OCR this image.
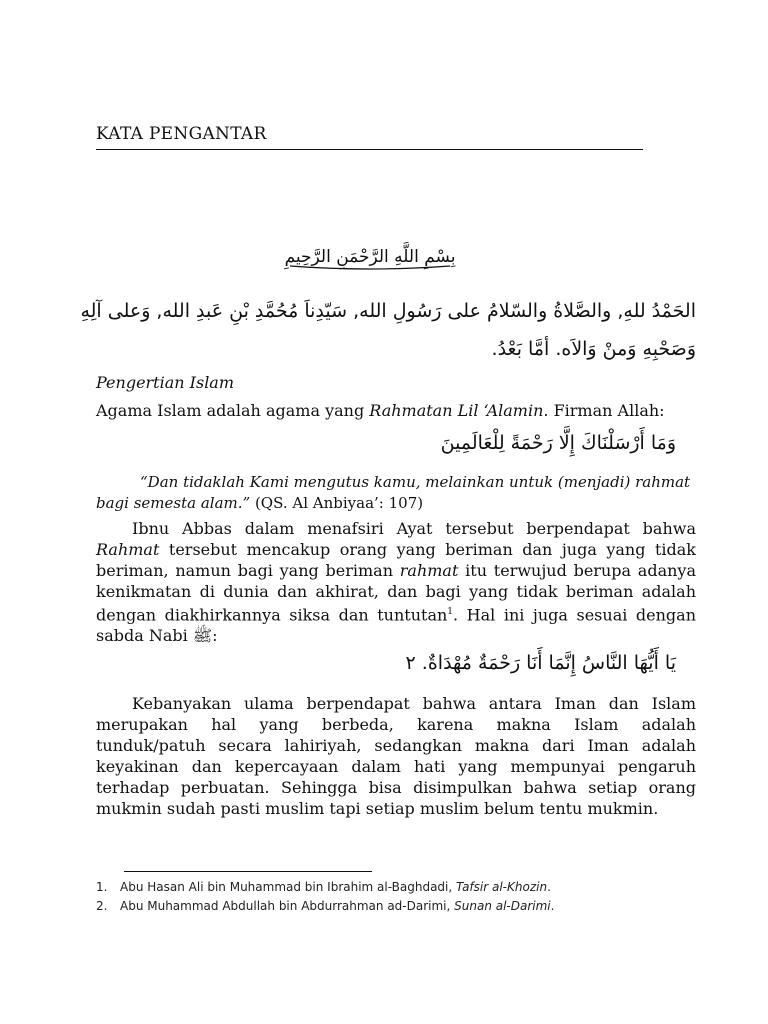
KATA PENGANTAR
بِسْمِ اللَّهِ الرَّحْمَنِ الرَّحِيمِ
الحَمْدُ للهِ, والصَّلاةُ والسّلامُ على رَسُولِ الله, سَيّدِناَ مُحُمَّدِ بْنِ عَبدِ الله, وَعلى آلِهِ
وَصَحْبِهِ وَمنْ وَالاَه. أمَّا بَعْدُ.
Pengertian Islam
Agama Islam adalah agama yang Rahmatan Lil ‘Alamin. Firman Allah:
وَمَا أَرْسَلْنَاكَ إِلَّا رَحْمَةً لِلْعَالَمِينَ
“Dan tidaklah Kami mengutus kamu, melainkan untuk (menjadi) rahmat
bagi semesta alam.” (QS. Al Anbiyaa’: 107)
Ibnu Abbas dalam menafsiri Ayat tersebut berpendapat bahwa
Rahmat tersebut mencakup orang yang beriman dan juga yang tidak
beriman, namun bagi yang beriman rahmat itu terwujud berupa adanya
kenikmatan di dunia dan akhirat, dan bagi yang tidak beriman adalah
dengan diakhirkannya siksa dan tuntutan$^1$. Hal ini juga sesuai dengan
sabda Nabi ﷺ:
يَا أَيُّهَا النَّاسُ إِنَّمَا أَنَا رَحْمَةٌ مُهْدَاةٌ. ٢
Kebanyakan ulama berpendapat bahwa antara Iman dan Islam
merupakan hal yang berbeda, karena makna Islam adalah
tunduk/patuh secara lahiriyah, sedangkan makna dari Iman adalah
keyakinan dan kepercayaan dalam hati yang mempunyai pengaruh
terhadap perbuatan. Sehingga bisa disimpulkan bahwa setiap orang
mukmin sudah pasti muslim tapi setiap muslim belum tentu mukmin.
1.	Abu Hasan Ali bin Muhammad bin Ibrahim al-Baghdadi, Tafsir al-Khozin.
2.	Abu Muhammad Abdullah bin Abdurrahman ad-Darimi, Sunan al-Darimi.
